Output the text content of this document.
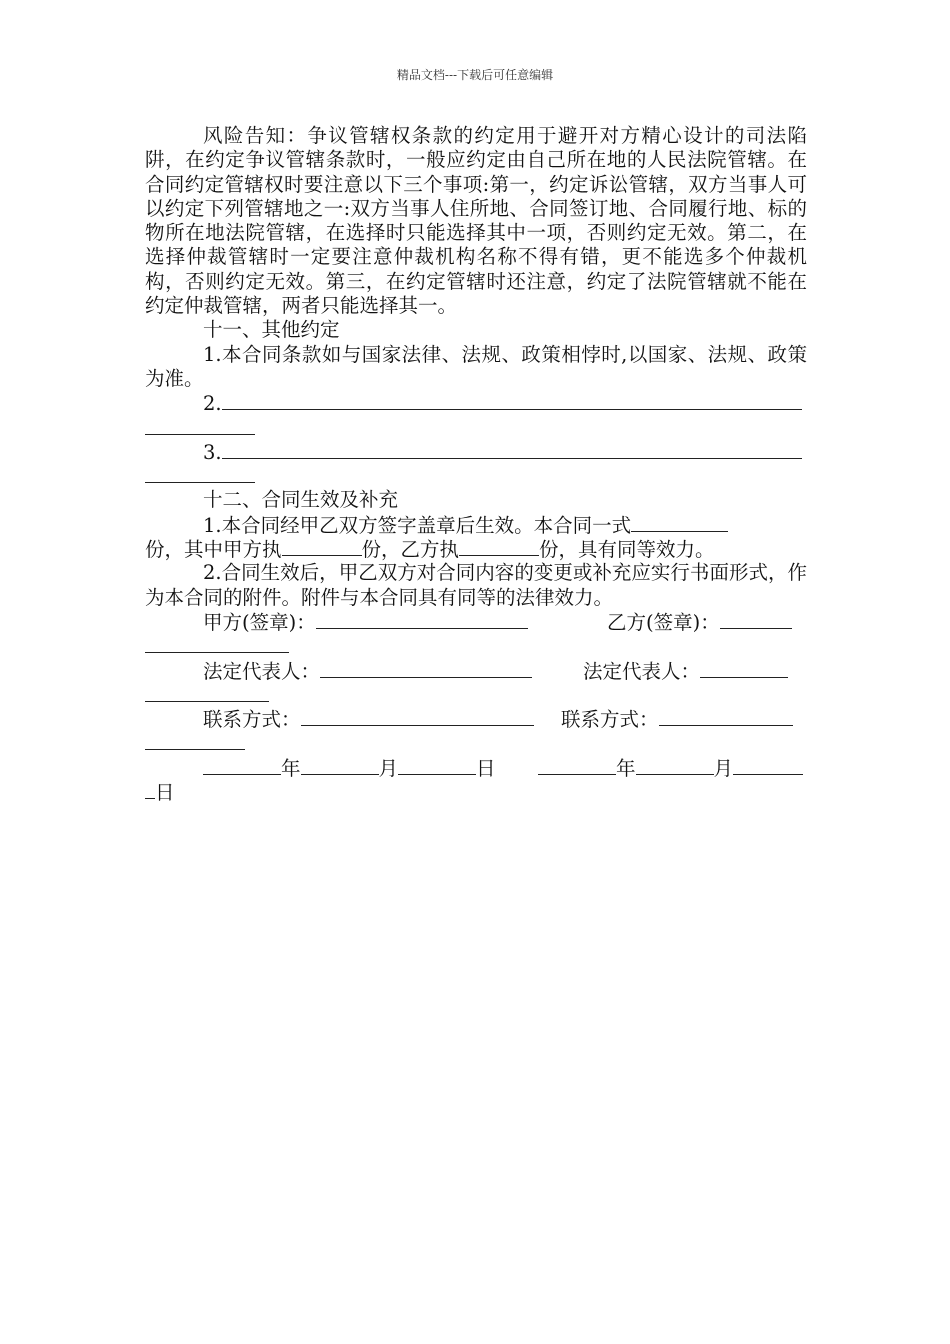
精品文档---下载后可任意编辑

风险告知：争议管辖权条款的约定用于避开对方精心设计的司法陷阱，在约定争议管辖条款时，一般应约定由自己所在地的人民法院管辖。在合同约定管辖权时要注意以下三个事项:第一，约定诉讼管辖，双方当事人可以约定下列管辖地之一:双方当事人住所地、合同签订地、合同履行地、标的物所在地法院管辖，在选择时只能选择其中一项，否则约定无效。第二，在选择仲裁管辖时一定要注意仲裁机构名称不得有错，更不能选多个仲裁机构，否则约定无效。第三，在约定管辖时还注意，约定了法院管辖就不能在约定仲裁管辖，两者只能选择其一。

十一、其他约定

1.本合同条款如与国家法律、法规、政策相悖时,以国家、法规、政策为准。

2.
3.

十二、合同生效及补充

1.本合同经甲乙双方签字盖章后生效。本合同一式
份，其中甲方执	份，乙方执	份，具有同等效力。

2.合同生效后，甲乙双方对合同内容的变更或补充应实行书面形式，作为本合同的附件。附件与本合同具有同等的法律效力。

甲方(签章)：	乙方(签章)：
法定代表人：	法定代表人：
联系方式：	联系方式：
年	月	日	年	月
日
